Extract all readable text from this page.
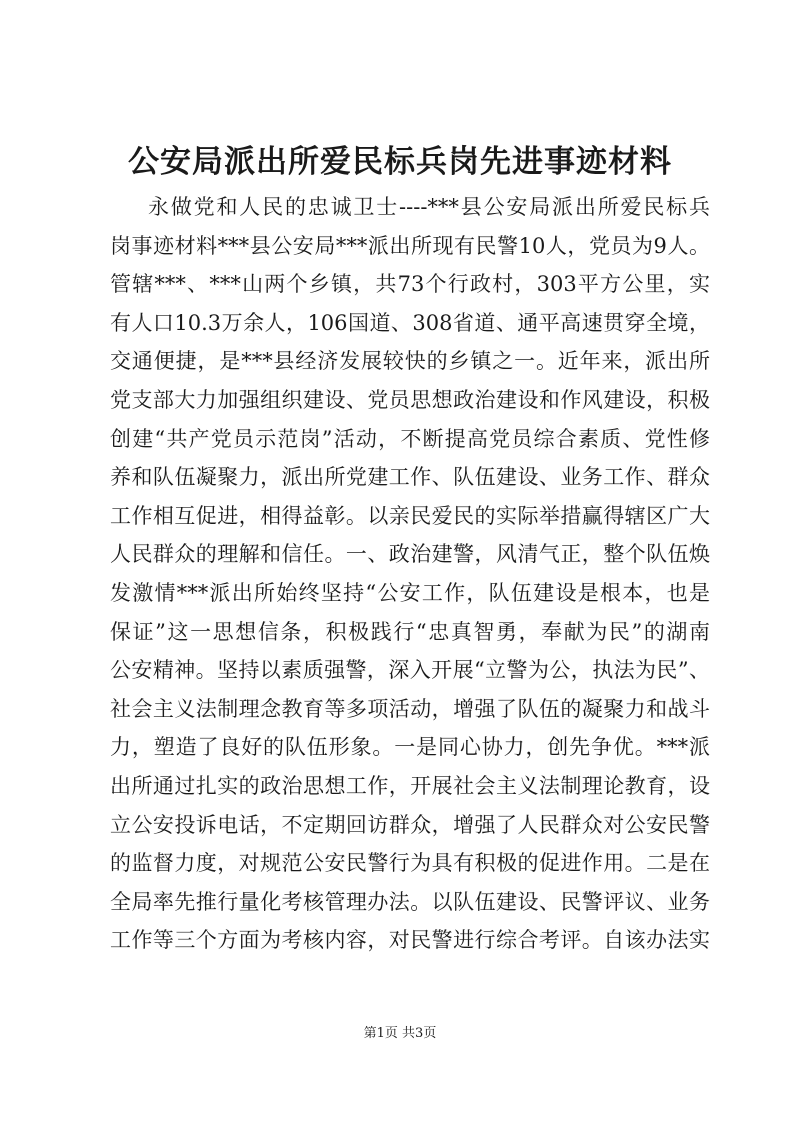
公安局派出所爱民标兵岗先进事迹材料
永做党和人民的忠诚卫士----***县公安局派出所爱民标兵
岗事迹材料***县公安局***派出所现有民警10人，党员为9人。
管辖***、***山两个乡镇，共73个行政村，303平方公里，实
有人口10.3万余人，106国道、308省道、通平高速贯穿全境，
交通便捷，是***县经济发展较快的乡镇之一。近年来，派出所
党支部大力加强组织建设、党员思想政治建设和作风建设，积极
创建“共产党员示范岗”活动，不断提高党员综合素质、党性修
养和队伍凝聚力，派出所党建工作、队伍建设、业务工作、群众
工作相互促进，相得益彰。以亲民爱民的实际举措赢得辖区广大
人民群众的理解和信任。一、政治建警，风清气正，整个队伍焕
发激情***派出所始终坚持“公安工作，队伍建设是根本，也是
保证”这一思想信条，积极践行“忠真智勇，奉献为民”的湖南
公安精神。坚持以素质强警，深入开展“立警为公，执法为民”、
社会主义法制理念教育等多项活动，增强了队伍的凝聚力和战斗
力，塑造了良好的队伍形象。一是同心协力，创先争优。***派
出所通过扎实的政治思想工作，开展社会主义法制理论教育，设
立公安投诉电话，不定期回访群众，增强了人民群众对公安民警
的监督力度，对规范公安民警行为具有积极的促进作用。二是在
全局率先推行量化考核管理办法。以队伍建设、民警评议、业务
工作等三个方面为考核内容，对民警进行综合考评。自该办法实
第1页 共3页
